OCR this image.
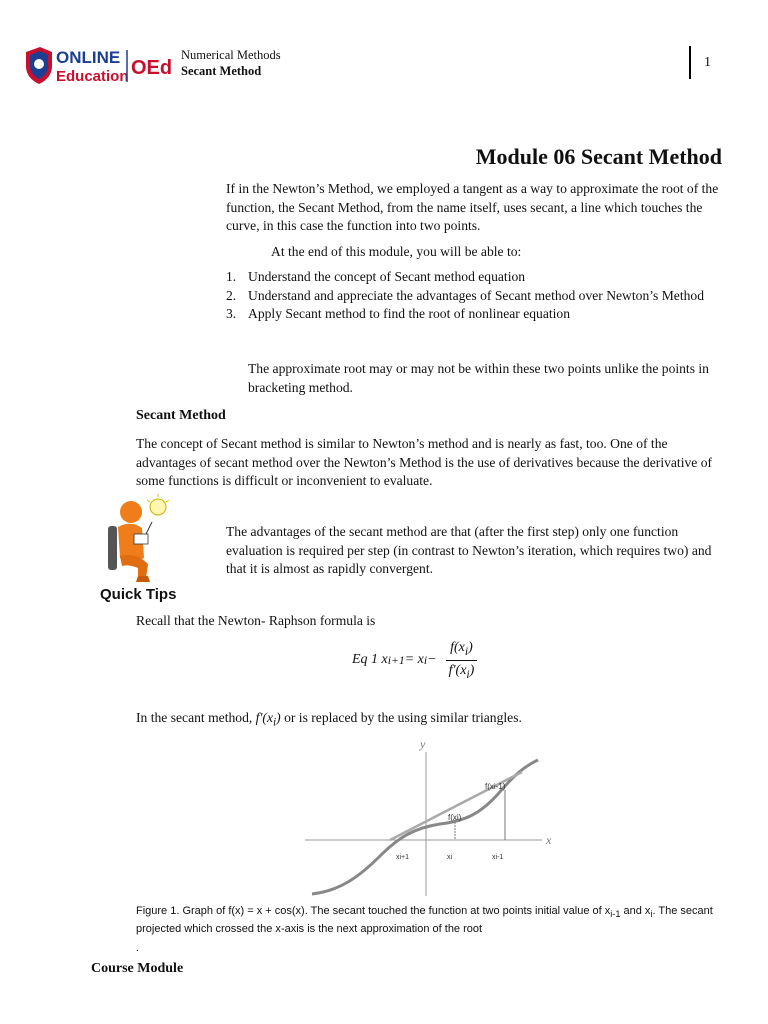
ONLINE
Education OEd
Numerical Methods
Secant Method
1
Module 06 Secant Method
If in the Newton’s Method, we employed a tangent as a way to approximate the root of the function, the Secant Method, from the name itself, uses secant, a line which touches the curve, in this case the function into two points.
At the end of this module, you will be able to:
1. Understand the concept of Secant method equation
2. Understand and appreciate the advantages of Secant method over Newton’s Method
3. Apply Secant method to find the root of nonlinear equation
The approximate root may or may not be within these two points unlike the points in bracketing method.
Secant Method
The concept of Secant method is similar to Newton’s method and is nearly as fast, too. One of the advantages of secant method over the Newton’s Method is the use of derivatives because the derivative of some functions is difficult or inconvenient to evaluate.
Quick Tips
The advantages of the secant method are that (after the first step) only one function evaluation is required per step (in contrast to Newton’s iteration, which requires two) and that it is almost as rapidly convergent.
Recall that the Newton- Raphson formula is
Eq 1 x i+1 = x $i - \frac{f(x_i)}{f'(x_i)}$
In the secant method, $f'(x_i)$ or is replaced by the using similar triangles.
y
x
f(xi-1)
f(xi)
xi+1	xi	xi-1
Figure 1. Graph of f(x) = x + cos(x). The secant touched the function at two points initial value of $x_{i-1}$ and $x_i$. The secant projected which crossed the x-axis is the next approximation of the root
.
Course Module
